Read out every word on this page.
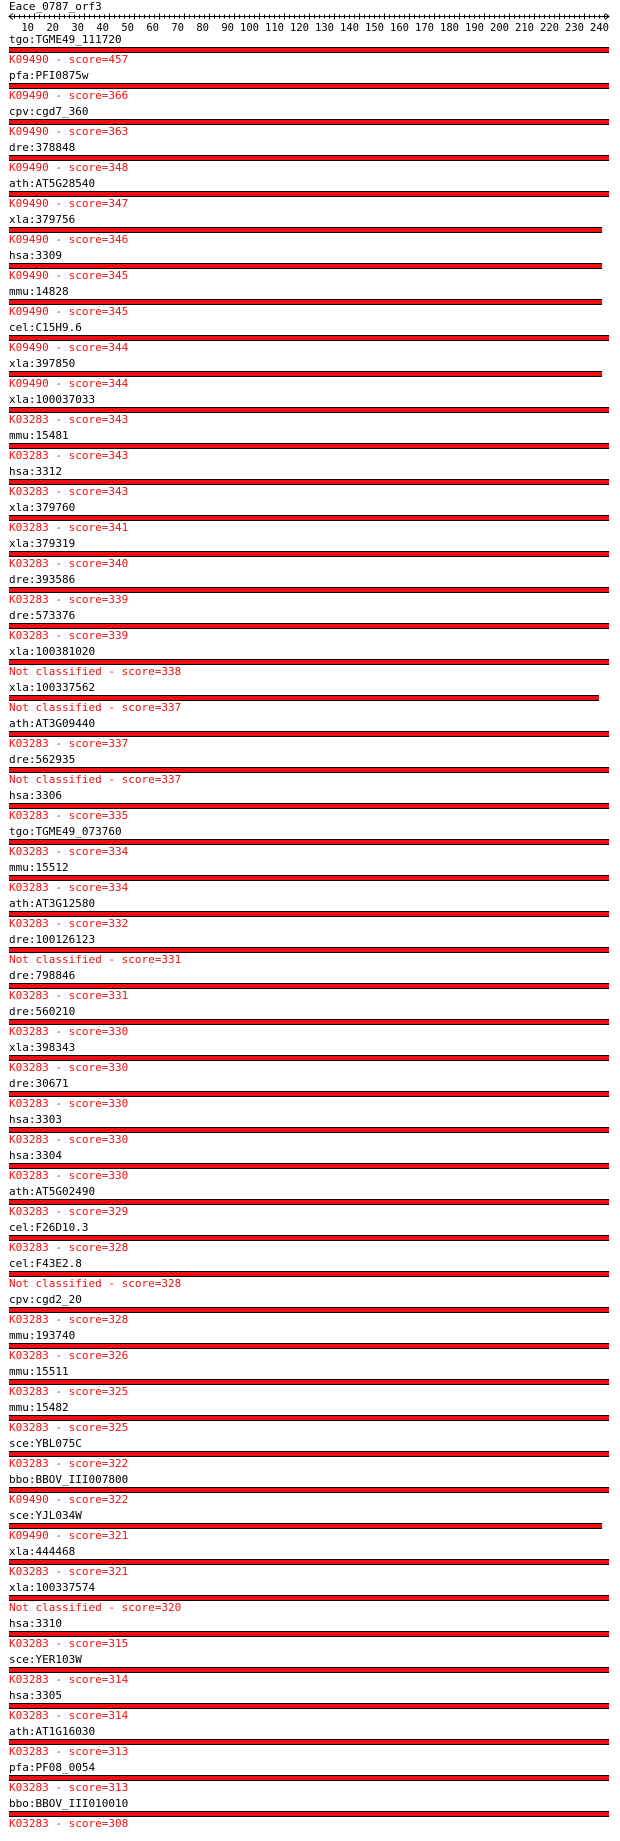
Eace_0787_orf3
10 20 30 40 50 60 70 80 90 100 110 120 130 140 150 160 170 180 190 200 210 220 230 240
tgo:TGME49_111720
K09490 - score=457
pfa:PFI0875w
K09490 - score=366
cpv:cgd7_360
K09490 - score=363
dre:378848
K09490 - score=348
ath:AT5G28540
K09490 - score=347
xla:379756
K09490 - score=346
hsa:3309
K09490 - score=345
mmu:14828
K09490 - score=345
cel:C15H9.6
K09490 - score=344
xla:397850
K09490 - score=344
xla:100037033
K03283 - score=343
mmu:15481
K03283 - score=343
hsa:3312
K03283 - score=343
xla:379760
K03283 - score=341
xla:379319
K03283 - score=340
dre:393586
K03283 - score=339
dre:573376
K03283 - score=339
xla:100381020
Not classified - score=338
xla:100337562
Not classified - score=337
ath:AT3G09440
K03283 - score=337
dre:562935
Not classified - score=337
hsa:3306
K03283 - score=335
tgo:TGME49_073760
K03283 - score=334
mmu:15512
K03283 - score=334
ath:AT3G12580
K03283 - score=332
dre:100126123
Not classified - score=331
dre:798846
K03283 - score=331
dre:560210
K03283 - score=330
xla:398343
K03283 - score=330
dre:30671
K03283 - score=330
hsa:3303
K03283 - score=330
hsa:3304
K03283 - score=330
ath:AT5G02490
K03283 - score=329
cel:F26D10.3
K03283 - score=328
cel:F43E2.8
Not classified - score=328
cpv:cgd2_20
K03283 - score=328
mmu:193740
K03283 - score=326
mmu:15511
K03283 - score=325
mmu:15482
K03283 - score=325
sce:YBL075C
K03283 - score=322
bbo:BBOV_III007800
K09490 - score=322
sce:YJL034W
K09490 - score=321
xla:444468
K03283 - score=321
xla:100337574
Not classified - score=320
hsa:3310
K03283 - score=315
sce:YER103W
K03283 - score=314
hsa:3305
K03283 - score=314
ath:AT1G16030
K03283 - score=313
pfa:PF08_0054
K03283 - score=313
bbo:BBOV_III010010
K03283 - score=308
